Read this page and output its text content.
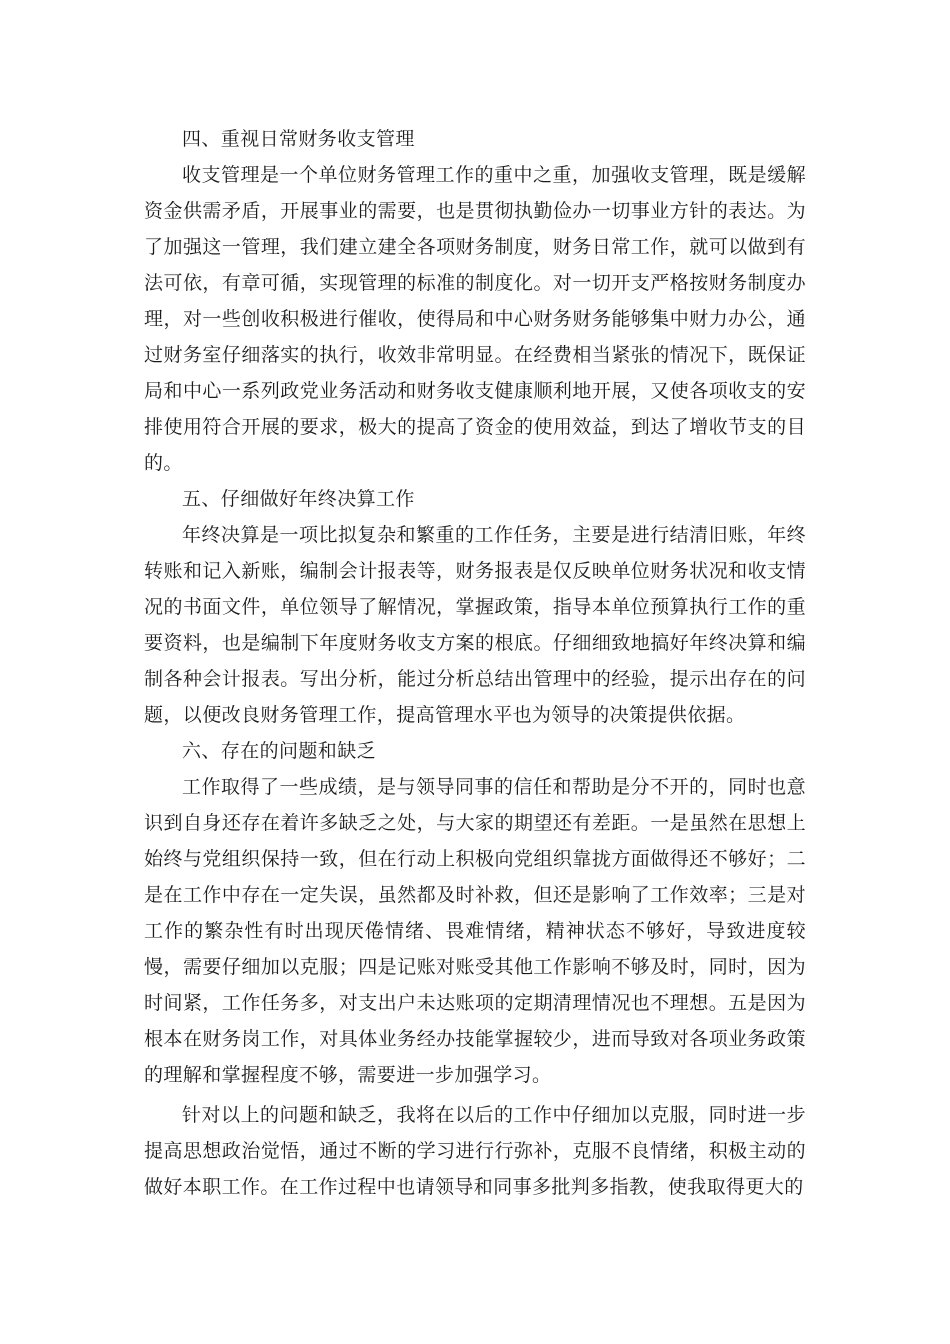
四、重视日常财务收支管理

收支管理是一个单位财务管理工作的重中之重，加强收支管理，既是缓解资金供需矛盾，开展事业的需要，也是贯彻执勤俭办一切事业方针的表达。为了加强这一管理，我们建立建全各项财务制度，财务日常工作，就可以做到有法可依，有章可循，实现管理的标准的制度化。对一切开支严格按财务制度办理，对一些创收积极进行催收，使得局和中心财务财务能够集中财力办公，通过财务室仔细落实的执行，收效非常明显。在经费相当紧张的情况下，既保证局和中心一系列政党业务活动和财务收支健康顺利地开展，又使各项收支的安排使用符合开展的要求，极大的提高了资金的使用效益，到达了增收节支的目的。

五、仔细做好年终决算工作

年终决算是一项比拟复杂和繁重的工作任务，主要是进行结清旧账，年终转账和记入新账，编制会计报表等，财务报表是仅反映单位财务状况和收支情况的书面文件，单位领导了解情况，掌握政策，指导本单位预算执行工作的重要资料，也是编制下年度财务收支方案的根底。仔细细致地搞好年终决算和编制各种会计报表。写出分析，能过分析总结出管理中的经验，提示出存在的问题，以便改良财务管理工作，提高管理水平也为领导的决策提供依据。

六、存在的问题和缺乏

工作取得了一些成绩，是与领导同事的信任和帮助是分不开的，同时也意识到自身还存在着许多缺乏之处，与大家的期望还有差距。一是虽然在思想上始终与党组织保持一致，但在行动上积极向党组织靠拢方面做得还不够好；二是在工作中存在一定失误，虽然都及时补救，但还是影响了工作效率；三是对工作的繁杂性有时出现厌倦情绪、畏难情绪，精神状态不够好，导致进度较慢，需要仔细加以克服；四是记账对账受其他工作影响不够及时，同时，因为时间紧，工作任务多，对支出户未达账项的定期清理情况也不理想。五是因为根本在财务岗工作，对具体业务经办技能掌握较少，进而导致对各项业务政策的理解和掌握程度不够，需要进一步加强学习。

针对以上的问题和缺乏，我将在以后的工作中仔细加以克服，同时进一步提高思想政治觉悟，通过不断的学习进行行弥补，克服不良情绪，积极主动的做好本职工作。在工作过程中也请领导和同事多批判多指教，使我取得更大的
